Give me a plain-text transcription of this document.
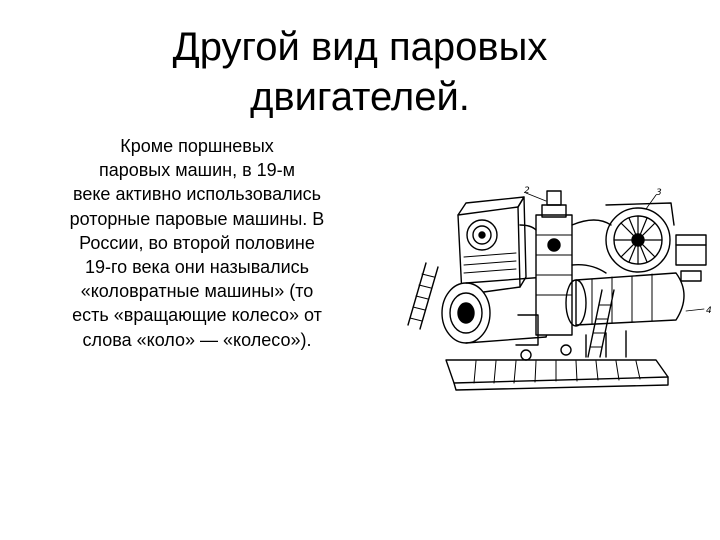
Другой вид паровых
двигателей.
Кроме поршневых
паровых машин, в 19-м
веке активно использовались
роторные паровые машины. В
России, во второй половине
19-го века они назывались
«коловратные машины» (то
есть «вращающие колесо» от
слова «коло» — «колесо»).
2	3
4
